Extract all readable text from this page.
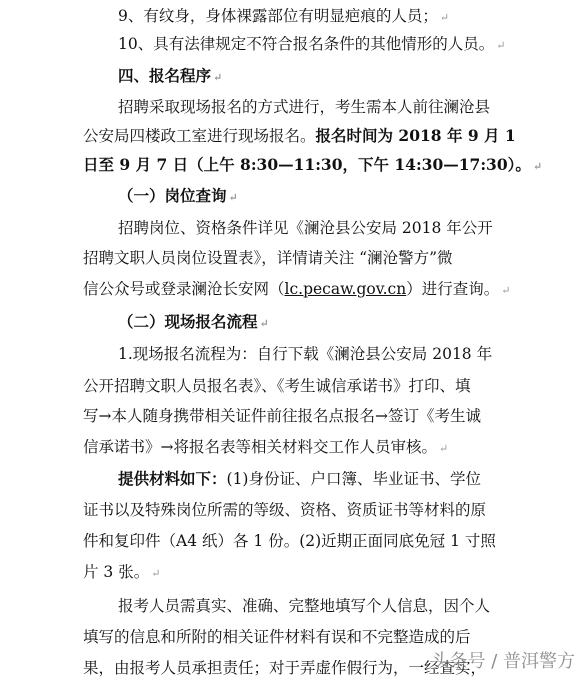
9、有纹身，身体裸露部位有明显疤痕的人员； ↵
10、具有法律规定不符合报名条件的其他情形的人员。 ↵
四、报名程序 ↵
招聘采取现场报名的方式进行，考生需本人前往澜沧县
公安局四楼政工室进行现场报名。报名时间为 2018 年 9 月 1
日至 9 月 7 日（上午 8:30—11:30，下午 14:30—17:30）。 ↵
（一）岗位查询 ↵
招聘岗位、资格条件详见《澜沧县公安局 2018 年公开
招聘文职人员岗位设置表》，详情请关注 “澜沧警方”微
信公众号或登录澜沧长安网（lc.pecaw.gov.cn）进行查询。 ↵
（二）现场报名流程 ↵
1.现场报名流程为：自行下载《澜沧县公安局 2018 年
公开招聘文职人员报名表》、《考生诚信承诺书》打印、填
写→本人随身携带相关证件前往报名点报名→签订《考生诚
信承诺书》→将报名表等相关材料交工作人员审核。 ↵
提供材料如下：(1)身份证、户口簿、毕业证书、学位
证书以及特殊岗位所需的等级、资格、资质证书等材料的原
件和复印件（A4 纸）各 1 份。(2)近期正面同底免冠 1 寸照
片 3 张。 ↵
报考人员需真实、准确、完整地填写个人信息，因个人
填写的信息和所附的相关证件材料有误和不完整造成的后
果，由报考人员承担责任；对于弄虚作假行为，一经查实，
头条号 / 普洱警方
